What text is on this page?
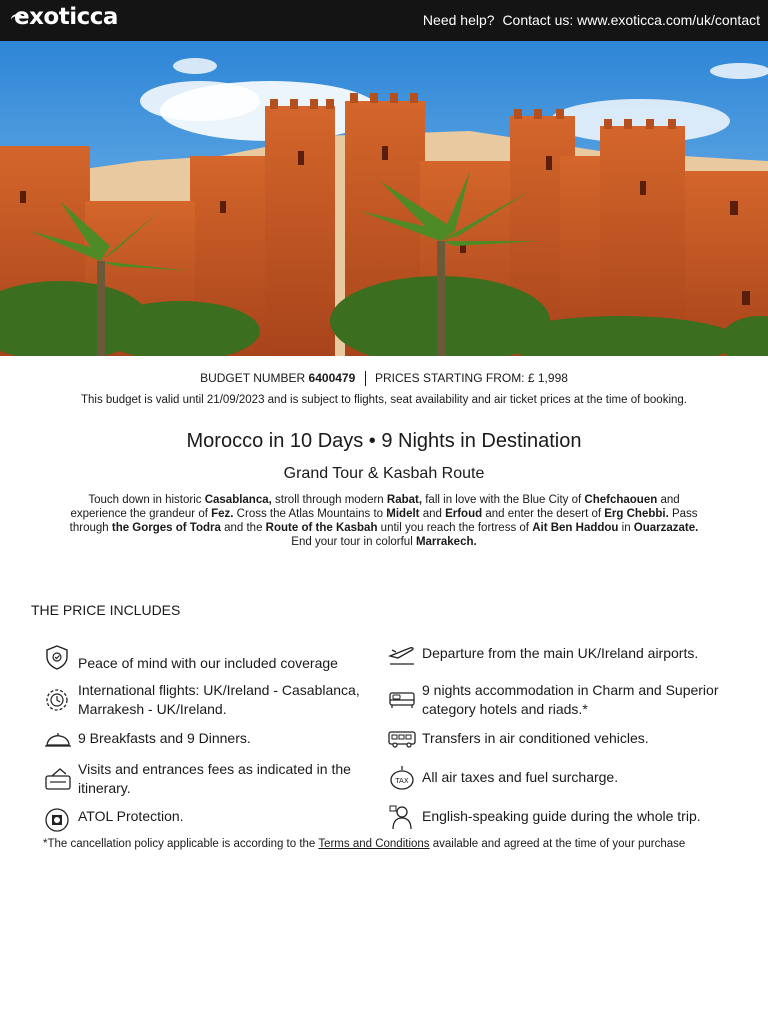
exoticca	Need help? Contact us: www.exoticca.com/uk/contact
BUDGET NUMBER 6400479 PRICES STARTING FROM: £ 1,998
This budget is valid until 21/09/2023 and is subject to flights, seat availability and air ticket prices at the time of booking.
Morocco in 10 Days • 9 Nights in Destination
Grand Tour & Kasbah Route
Touch down in historic Casablanca, stroll through modern Rabat, fall in love with the Blue City of Chefchaouen and experience the grandeur of Fez. Cross the Atlas Mountains to Midelt and Erfoud and enter the desert of Erg Chebbi. Pass through the Gorges of Todra and the Route of the Kasbah until you reach the fortress of Ait Ben Haddou in Ouarzazate. End your tour in colorful Marrakech.
THE PRICE INCLUDES
Peace of mind with our included coverage
International flights: UK/Ireland - Casablanca, Marrakesh - UK/Ireland.
9 Breakfasts and 9 Dinners.
Visits and entrances fees as indicated in the itinerary.
ATOL Protection.
Departure from the main UK/Ireland airports.
9 nights accommodation in Charm and Superior category hotels and riads.*
Transfers in air conditioned vehicles.
TAX All air taxes and fuel surcharge.
English-speaking guide during the whole trip.
*The cancellation policy applicable is according to the Terms and Conditions available and agreed at the time of your purchase
